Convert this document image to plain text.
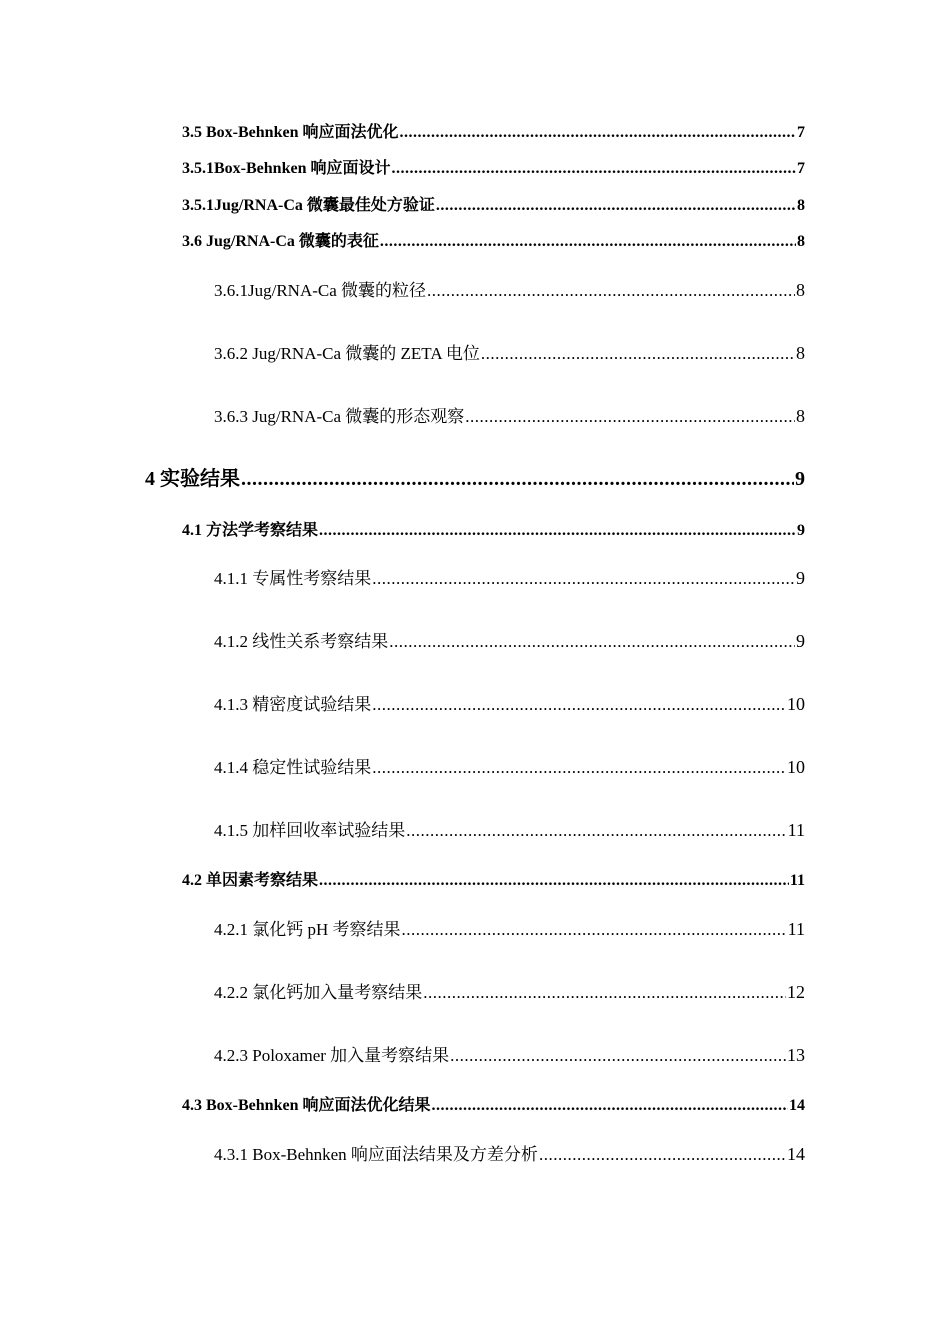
3.5 Box-Behnken 响应面法优化 .....	7
3.5.1Box-Behnken 响应面设计 .....	7
3.5.1Jug/RNA-Ca 微囊最佳处方验证 .....	8
3.6 Jug/RNA-Ca 微囊的表征 .....	8
3.6.1Jug/RNA-Ca 微囊的粒径 .....	8
3.6.2 Jug/RNA-Ca 微囊的 ZETA 电位 .....	8
3.6.3 Jug/RNA-Ca 微囊的形态观察 .....	8
4 实验结果 .....	9
4.1 方法学考察结果 .....	9
4.1.1 专属性考察结果 .....	9
4.1.2 线性关系考察结果 .....	9
4.1.3 精密度试验结果 .....	10
4.1.4 稳定性试验结果 .....	10
4.1.5 加样回收率试验结果 .....	11
4.2 单因素考察结果 .....	11
4.2.1 氯化钙 pH 考察结果 .....	11
4.2.2 氯化钙加入量考察结果 .....	12
4.2.3 Poloxamer 加入量考察结果 .....	13
4.3 Box-Behnken 响应面法优化结果 .....	14
4.3.1 Box-Behnken 响应面法结果及方差分析 .....	14
